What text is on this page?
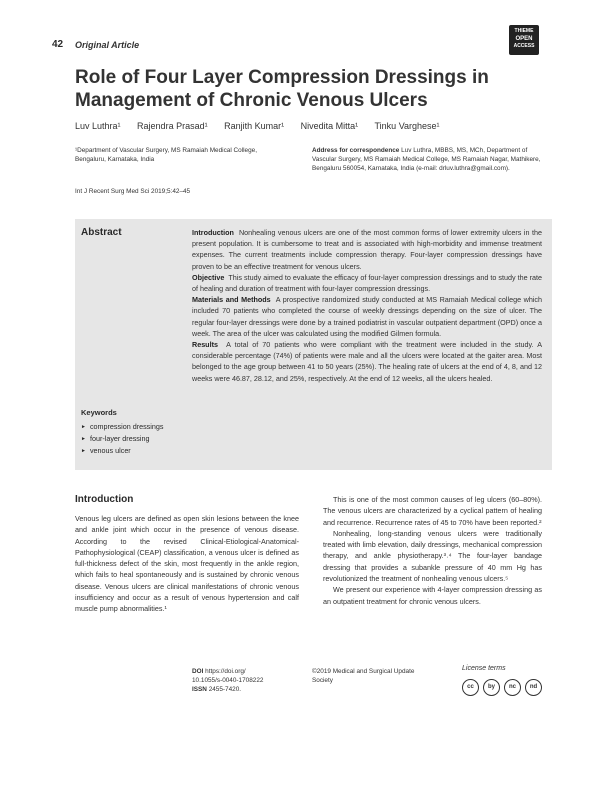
42 Original Article
THIEME
OPEN
ACCESS
Role of Four Layer Compression Dressings in Management of Chronic Venous Ulcers
Luv Luthra¹ Rajendra Prasad¹ Ranjith Kumar¹ Nivedita Mitta¹ Tinku Varghese¹
¹Department of Vascular Surgery, MS Ramaiah Medical College, Bengaluru, Karnataka, India
Address for correspondence Luv Luthra, MBBS, MS, MCh, Department of Vascular Surgery, MS Ramaiah Medical College, MS Ramaiah Nagar, Mathikere, Bengaluru 560054, Karnataka, India (e-mail: drluv.luthra@gmail.com).
Int J Recent Surg Med Sci 2019;5:42–45
Abstract	Introduction Nonhealing venous ulcers are one of the most common forms of lower extremity ulcers in the present population. It is cumbersome to treat and is associated with high-morbidity and immense treatment expenses. The current treatments include compression therapy. Four-layer compression dressings have proven to be an effective treatment for venous ulcers.

Objective This study aimed to evaluate the efficacy of four-layer compression dressings and to study the rate of healing and duration of treatment with four-layer compression dressings.

Materials and Methods A prospective randomized study conducted at MS Ramaiah Medical college which included 70 patients who completed the course of weekly dressings depending on the size of ulcer. The regular four-layer dressings were done by a trained podiatrist in vascular outpatient department (OPD) once a week. The area of the ulcer was calculated using the modified Gilmen formula.

Results A total of 70 patients who were compliant with the treatment were included in the study. A considerable percentage (74%) of patients were male and all the ulcers were located at the gaiter area. Most belonged to the age group between 41 to 50 years (25%). The healing rate of ulcers at the end of 4, 8, and 12 weeks were 46.87, 28.12, and 25%, respectively. At the end of 12 weeks, all the ulcers healed.

Keywords
► compression dressings
► four-layer dressing
► venous ulcer
Introduction

Venous leg ulcers are defined as open skin lesions between the knee and ankle joint which occur in the presence of venous disease. According to the revised Clinical-Etiological-Anatomical-Pathophysiological (CEAP) classification, a venous ulcer is defined as full-thickness defect of the skin, most frequently in the ankle region, which fails to heal spontaneously and is sustained by chronic venous disease. Venous ulcers are clinical manifestations of chronic venous insufficiency and occur as a result of venous hypertension and calf muscle pump abnormalities.¹

This is one of the most common causes of leg ulcers (60–80%). The venous ulcers are characterized by a cyclical pattern of healing and recurrence. Recurrence rates of 45 to 70% have been reported.²

Nonhealing, long-standing venous ulcers were traditionally treated with limb elevation, daily dressings, mechanical compression therapy, and ankle physiotherapy.³˒⁴ The four-layer bandage dressing that provides a subankle pressure of 40 mm Hg has revolutionized the treatment of nonhealing venous ulcers.⁵

We present our experience with 4-layer compression dressing as an outpatient treatment for chronic venous ulcers.

DOI https://doi.org/
10.1055/s-0040-1708222
ISSN 2455-7420.
©2019 Medical and Surgical Update Society
License terms
cc	by	nc	nd
